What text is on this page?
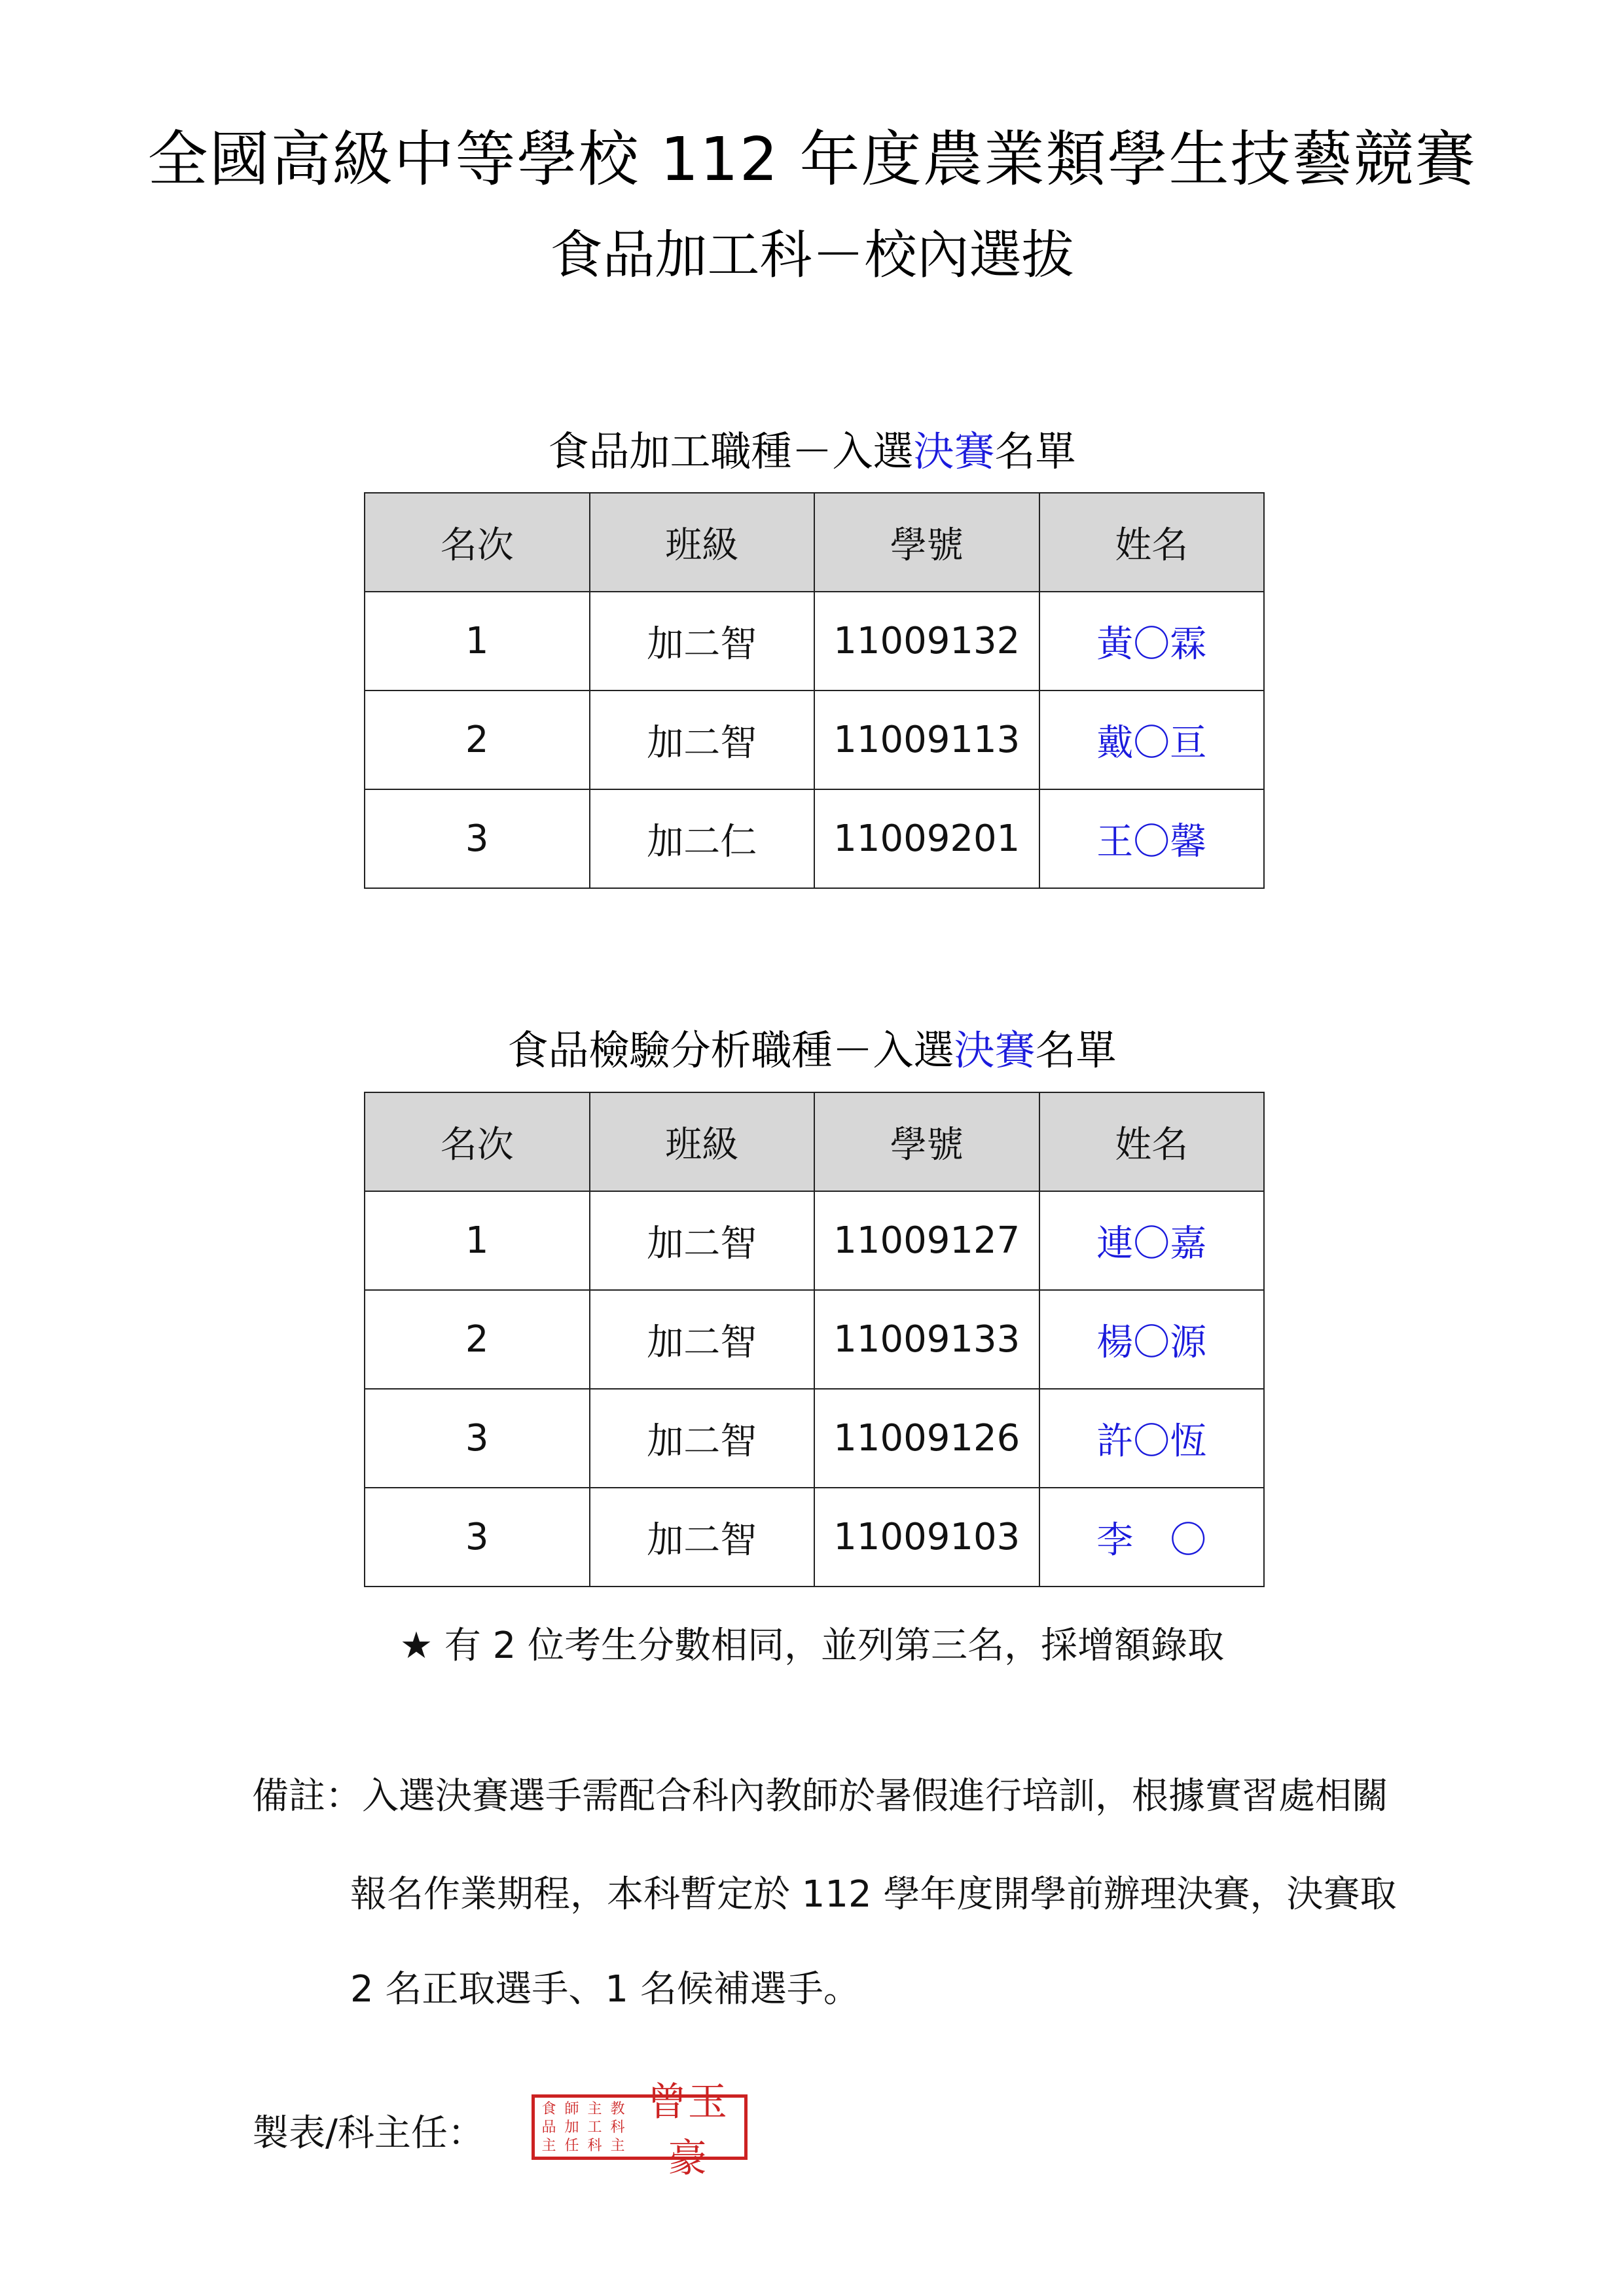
全國高級中等學校 112 年度農業類學生技藝競賽
食品加工科－校內選拔
食品加工職種－入選決賽名單
名次	班級	學號	姓名
1	加二智	11009132	黃〇霖
2	加二智	11009113	戴〇亘
3	加二仁	11009201	王〇馨
食品檢驗分析職種－入選決賽名單
名次	班級	學號	姓名
1	加二智	11009127	連〇嘉
2	加二智	11009133	楊〇源
3	加二智	11009126	許〇恆
3	加二智	11009103	李　〇
★ 有 2 位考生分數相同，並列第三名，採增額錄取
備註：入選決賽選手需配合科內教師於暑假進行培訓，根據實習處相關
報名作業期程，本科暫定於 112 學年度開學前辦理決賽，決賽取
2 名正取選手、1 名候補選手。
製表/科主任：
食 師 主 教
品 加 工 科
主 任 科 主
曾玉豪
